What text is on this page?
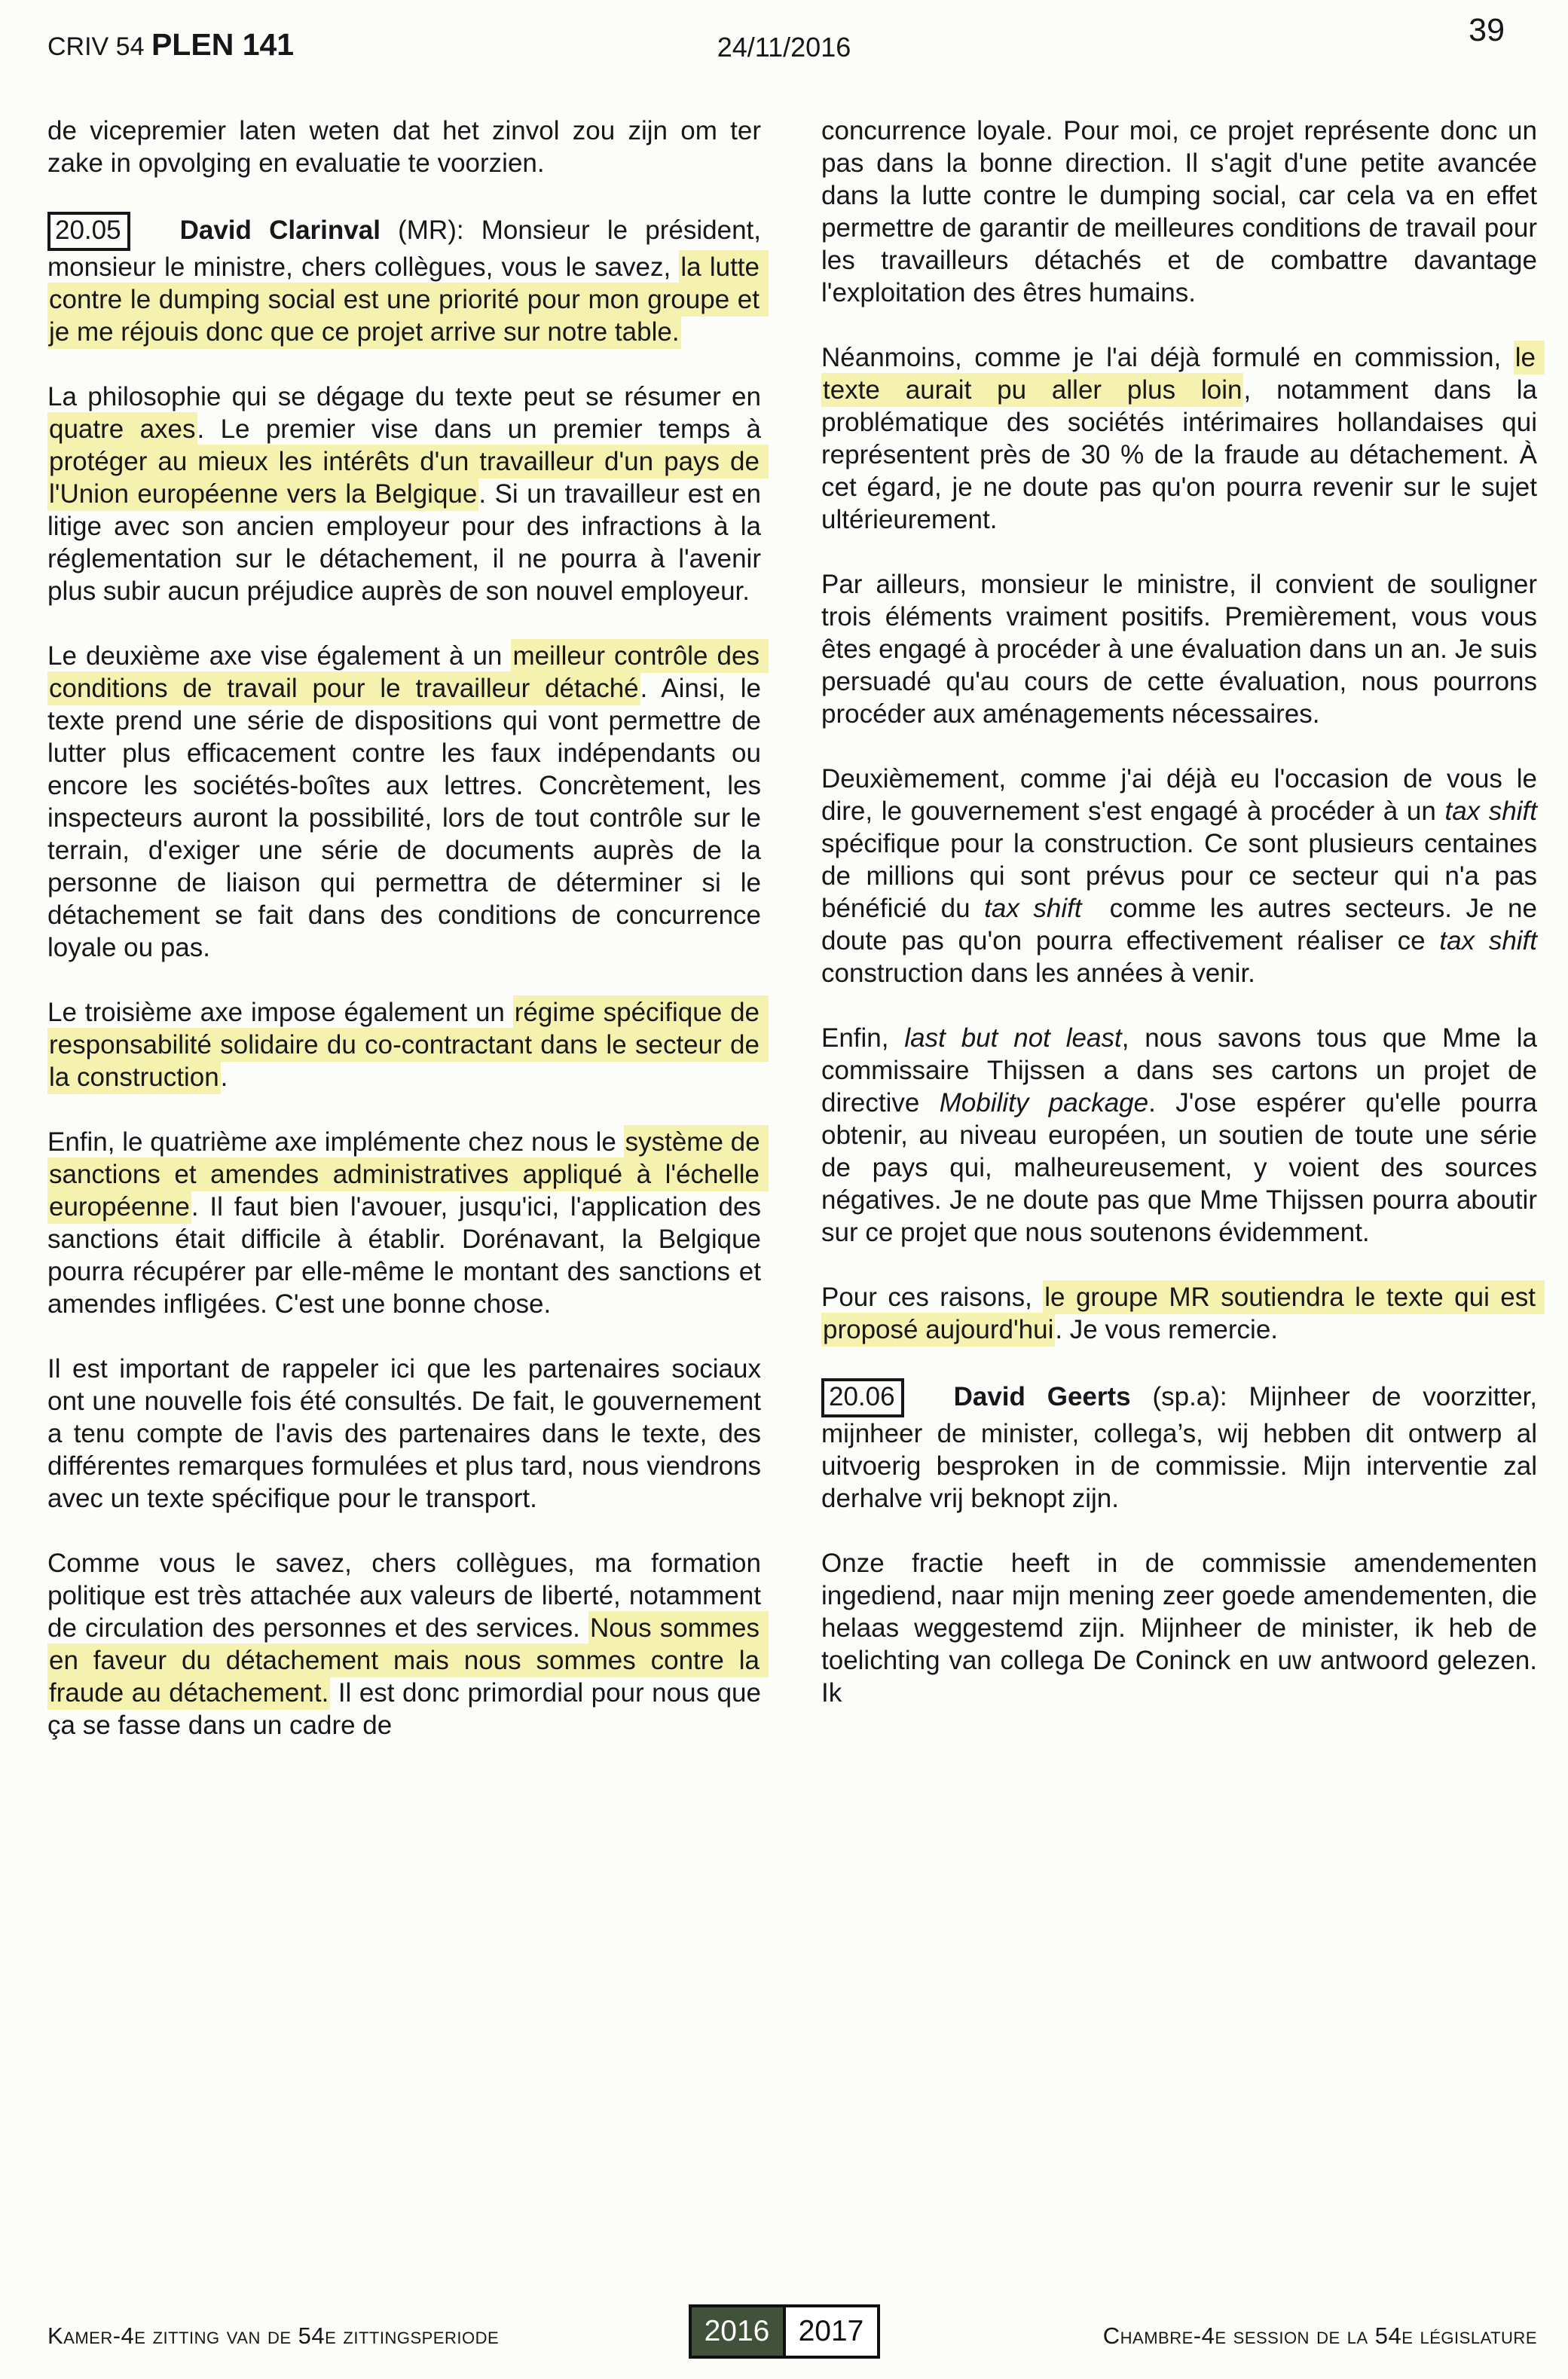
CRIV 54 PLEN 141	24/11/2016	39

de vicepremier laten weten dat het zinvol zou zijn om ter zake in opvolging en evaluatie te voorzien.

20.05 David Clarinval (MR): Monsieur le président, monsieur le ministre, chers collègues, vous le savez, la lutte contre le dumping social est une priorité pour mon groupe et je me réjouis donc que ce projet arrive sur notre table.

La philosophie qui se dégage du texte peut se résumer en quatre axes. Le premier vise dans un premier temps à protéger au mieux les intérêts d'un travailleur d'un pays de l'Union européenne vers la Belgique. Si un travailleur est en litige avec son ancien employeur pour des infractions à la réglementation sur le détachement, il ne pourra à l'avenir plus subir aucun préjudice auprès de son nouvel employeur.

Le deuxième axe vise également à un meilleur contrôle des conditions de travail pour le travailleur détaché. Ainsi, le texte prend une série de dispositions qui vont permettre de lutter plus efficacement contre les faux indépendants ou encore les sociétés-boîtes aux lettres. Concrètement, les inspecteurs auront la possibilité, lors de tout contrôle sur le terrain, d'exiger une série de documents auprès de la personne de liaison qui permettra de déterminer si le détachement se fait dans des conditions de concurrence loyale ou pas.

Le troisième axe impose également un régime spécifique de responsabilité solidaire du co-contractant dans le secteur de la construction.

Enfin, le quatrième axe implémente chez nous le système de sanctions et amendes administratives appliqué à l'échelle européenne. Il faut bien l'avouer, jusqu'ici, l'application des sanctions était difficile à établir. Dorénavant, la Belgique pourra récupérer par elle-même le montant des sanctions et amendes infligées. C'est une bonne chose.

Il est important de rappeler ici que les partenaires sociaux ont une nouvelle fois été consultés. De fait, le gouvernement a tenu compte de l'avis des partenaires dans le texte, des différentes remarques formulées et plus tard, nous viendrons avec un texte spécifique pour le transport.

Comme vous le savez, chers collègues, ma formation politique est très attachée aux valeurs de liberté, notamment de circulation des personnes et des services. Nous sommes en faveur du détachement mais nous sommes contre la fraude au détachement. Il est donc primordial pour nous que ça se fasse dans un cadre de

concurrence loyale. Pour moi, ce projet représente donc un pas dans la bonne direction. Il s'agit d'une petite avancée dans la lutte contre le dumping social, car cela va en effet permettre de garantir de meilleures conditions de travail pour les travailleurs détachés et de combattre davantage l'exploitation des êtres humains.

Néanmoins, comme je l'ai déjà formulé en commission, le texte aurait pu aller plus loin, notamment dans la problématique des sociétés intérimaires hollandaises qui représentent près de 30 % de la fraude au détachement. À cet égard, je ne doute pas qu'on pourra revenir sur le sujet ultérieurement.

Par ailleurs, monsieur le ministre, il convient de souligner trois éléments vraiment positifs. Premièrement, vous vous êtes engagé à procéder à une évaluation dans un an. Je suis persuadé qu'au cours de cette évaluation, nous pourrons procéder aux aménagements nécessaires.

Deuxièmement, comme j'ai déjà eu l'occasion de vous le dire, le gouvernement s'est engagé à procéder à un tax shift spécifique pour la construction. Ce sont plusieurs centaines de millions qui sont prévus pour ce secteur qui n'a pas bénéficié du tax shift  comme les autres secteurs. Je ne doute pas qu'on pourra effectivement réaliser ce tax shift construction dans les années à venir.

Enfin, last but not least, nous savons tous que Mme la commissaire Thijssen a dans ses cartons un projet de directive Mobility package. J'ose espérer qu'elle pourra obtenir, au niveau européen, un soutien de toute une série de pays qui, malheureusement, y voient des sources négatives. Je ne doute pas que Mme Thijssen pourra aboutir sur ce projet que nous soutenons évidemment.

Pour ces raisons, le groupe MR soutiendra le texte qui est proposé aujourd'hui. Je vous remercie.

20.06 David Geerts (sp.a): Mijnheer de voorzitter, mijnheer de minister, collega’s, wij hebben dit ontwerp al uitvoerig besproken in de commissie. Mijn interventie zal derhalve vrij beknopt zijn.

Onze fractie heeft in de commissie amendementen ingediend, naar mijn mening zeer goede amendementen, die helaas weggestemd zijn. Mijnheer de minister, ik heb de toelichting van collega De Coninck en uw antwoord gelezen. Ik

Kamer-4e zitting van de 54e zittingsperiode	2016 2017	Chambre-4e session de la 54e législature
